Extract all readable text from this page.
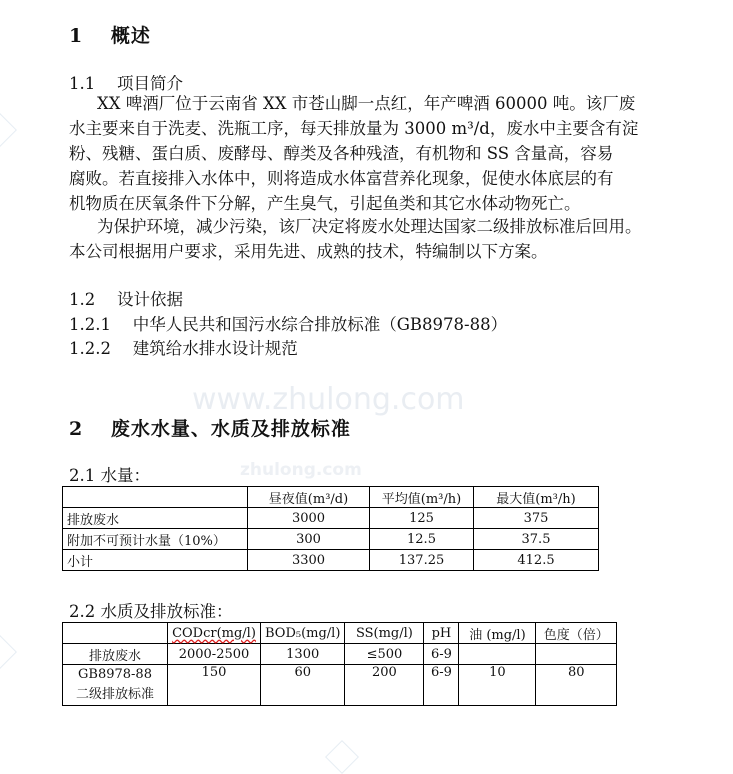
www.zhulong.com
zhulong.com
1　 概述
1.1　 项目简介
XX 啤酒厂位于云南省 XX 市苍山脚一点红，年产啤酒 60000 吨。该厂废
水主要来自于洗麦、洗瓶工序，每天排放量为 3000 m³/d，废水中主要含有淀
粉、残糖、蛋白质、废酵母、醇类及各种残渣，有机物和 SS 含量高，容易
腐败。若直接排入水体中，则将造成水体富营养化现象，促使水体底层的有
机物质在厌氧条件下分解，产生臭气，引起鱼类和其它水体动物死亡。
为保护环境，减少污染，该厂决定将废水处理达国家二级排放标准后回用。
本公司根据用户要求，采用先进、成熟的技术，特编制以下方案。
1.2　 设计依据
1.2.1　 中华人民共和国污水综合排放标准（GB8978-88）
1.2.2　 建筑给水排水设计规范
2　 废水水量、水质及排放标准
2.1 水量：
	昼夜值(m³/d)	平均值(m³/h)	最大值(m³/h)
排放废水	3000	125	375
附加不可预计水量（10%）	300	12.5	37.5
小计	3300	137.25	412.5
2.2 水质及排放标准：
	CODcr(mg/l)	BOD₅(mg/l)	SS(mg/l)	pH	油 (mg/l)	色度（倍）
排放废水	2000-2500	1300	≤500	6-9		
GB8978-88
二级排放标准	150	60	200	6-9	10	80
